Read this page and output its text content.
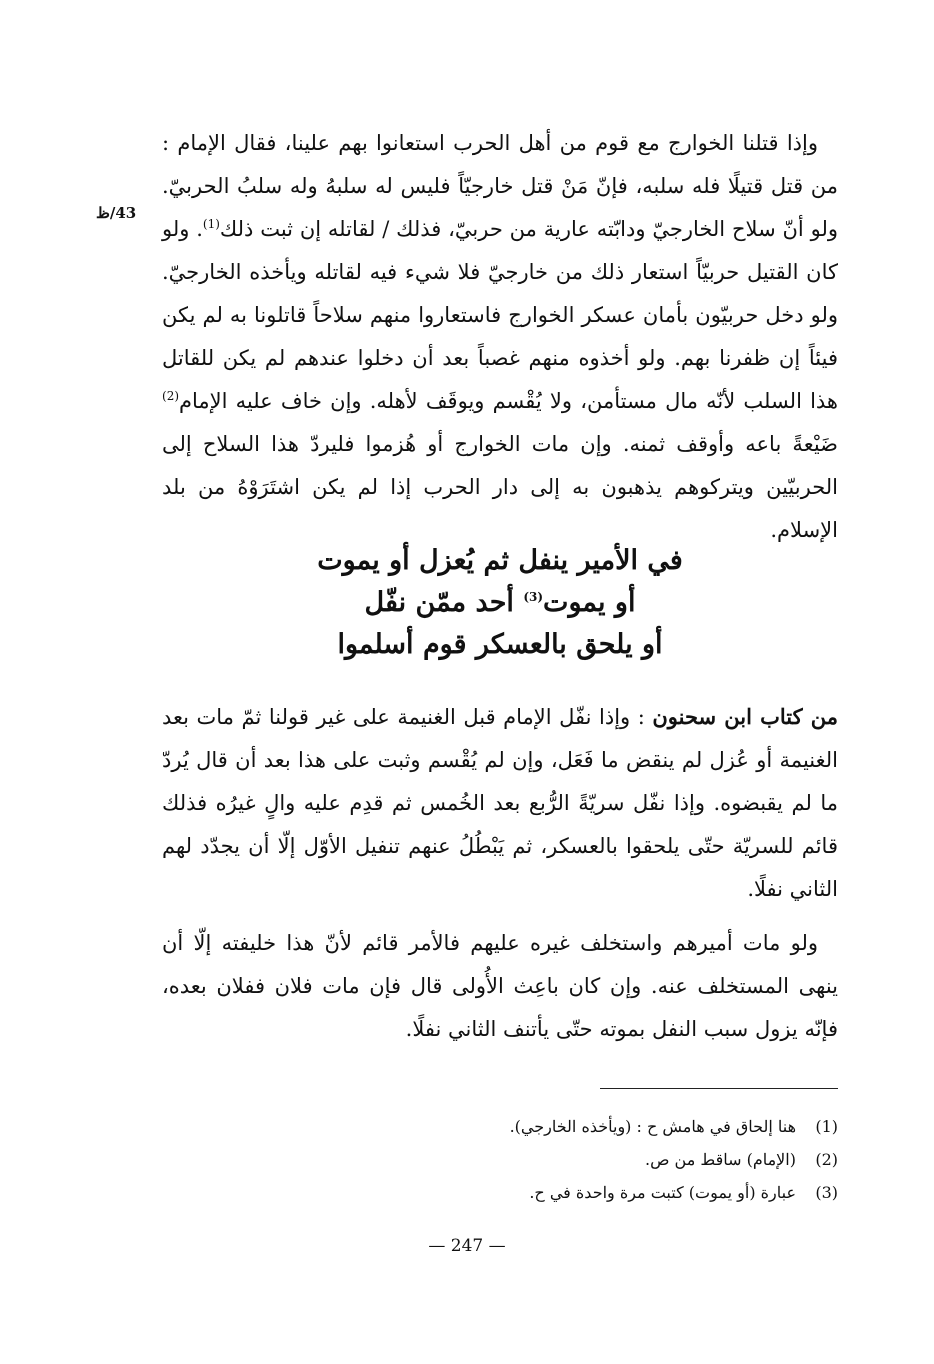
43/ظ
وإذا قتلنا الخوارج مع قوم من أهل الحرب استعانوا بهم علينا، فقال الإمام : من قتل قتيلًا فله سلبه، فإنّ مَنْ قتل خارجيّاً فليس له سلبهُ وله سلبُ الحربيّ. ولو أنّ سلاح الخارجيّ ودابّته عارية من حربيّ، فذلك / لقاتله إن ثبت ذلك$^{(1)}$. ولو كان القتيل حربيّاً استعار ذلك من خارجيّ فلا شيء فيه لقاتله ويأخذه الخارجيّ. ولو دخل حربيّون بأمان عسكر الخوارج فاستعاروا منهم سلاحاً قاتلونا به لم يكن فيئاً إن ظفرنا بهم. ولو أخذوه منهم غصباً بعد أن دخلوا عندهم لم يكن للقاتل هذا السلب لأنّه مال مستأمن، ولا يُقْسم ويوقَف لأهله. وإن خاف عليه الإمام$^{(2)}$ ضَيْعةً باعه وأوقف ثمنه. وإن مات الخوارج أو هُزموا فليردّ هذا السلاح إلى الحربيّين ويتركوهم يذهبون به إلى دار الحرب إذا لم يكن اشتَرَوْهُ من بلد الإسلام.
في الأمير ينفل ثم يُعزل أو يموت
أو يموت$^{(3)}$ أحد ممّن نفّل
أو يلحق بالعسكر قوم أسلموا
من كتاب ابن سحنون : وإذا نفّل الإمام قبل الغنيمة على غير قولنا ثمّ مات بعد الغنيمة أو عُزل لم ينقض ما فَعَل، وإن لم يُقْسم وثبت على هذا بعد أن قال يُردّ ما لم يقبضوه. وإذا نفّل سريّةً الرُّبع بعد الخُمس ثم قدِم عليه والٍ غيرُه فذلك قائم للسريّة حتّى يلحقوا بالعسكر، ثم يَبْطُلُ عنهم تنفيل الأوّل إلّا أن يجدّد لهم الثاني نفلًا.
ولو مات أميرهم واستخلف غيره عليهم فالأمر قائم لأنّ هذا خليفته إلّا أن ينهى المستخلف عنه. وإن كان باعِث الأُولى قال فإن مات فلان ففلان بعده، فإنّه يزول سبب النفل بموته حتّى يأتنف الثاني نفلًا.
(1)
هنا إلحاق في هامش ح : (ويأخذه الخارجي).
(2)
(الإمام) ساقط من ص.
(3)
عبارة (أو يموت) كتبت مرة واحدة في ح.
— 247 —
